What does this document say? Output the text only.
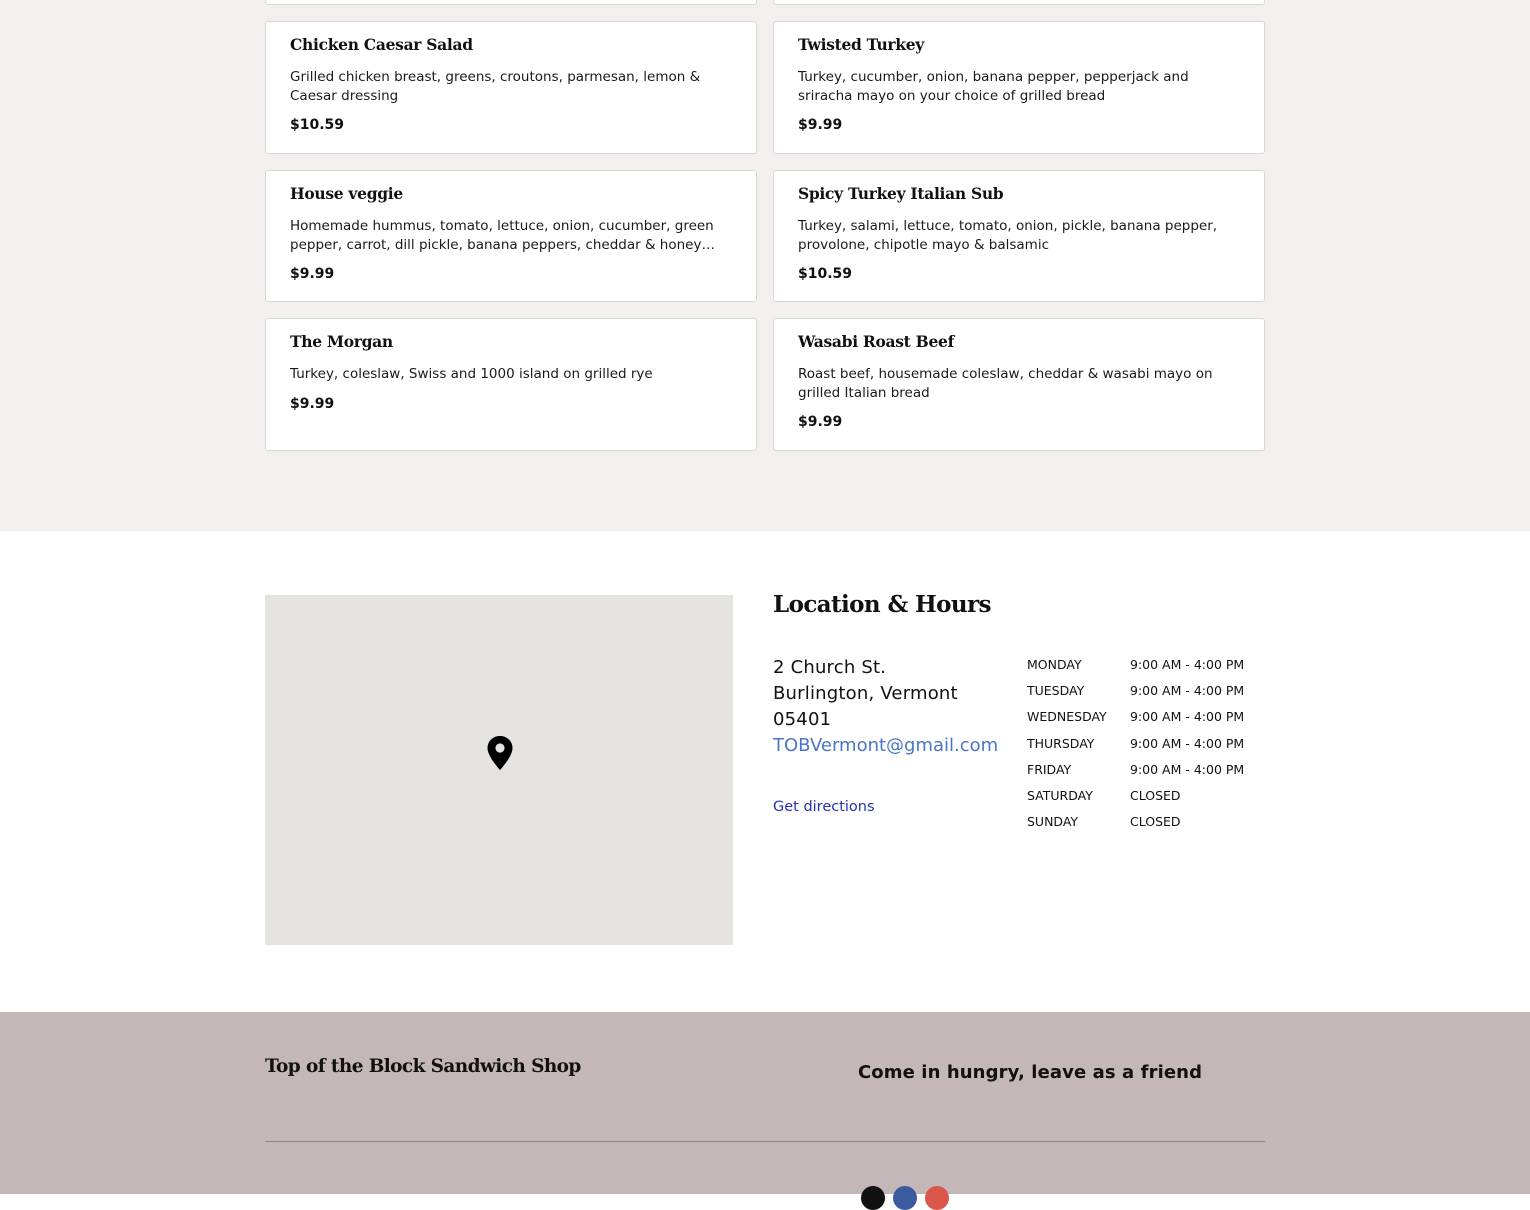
Chicken Caesar Salad
Grilled chicken breast, greens, croutons, parmesan, lemon & Caesar dressing
$10.59
Twisted Turkey
Turkey, cucumber, onion, banana pepper, pepperjack and sriracha mayo on your choice of grilled bread
$9.99
House veggie
Homemade hummus, tomato, lettuce, onion, cucumber, green pepper, carrot, dill pickle, banana peppers, cheddar & honey…
$9.99
Spicy Turkey Italian Sub
Turkey, salami, lettuce, tomato, onion, pickle, banana pepper, provolone, chipotle mayo & balsamic
$10.59
The Morgan
Turkey, coleslaw, Swiss and 1000 island on grilled rye
$9.99
Wasabi Roast Beef
Roast beef, housemade coleslaw, cheddar & wasabi mayo on grilled Italian bread
$9.99
Location & Hours
2 Church St.
Burlington, Vermont
05401
TOBVermont@gmail.com
Get directions
MONDAY	9:00 AM - 4:00 PM
TUESDAY	9:00 AM - 4:00 PM
WEDNESDAY 9:00 AM - 4:00 PM
THURSDAY	9:00 AM - 4:00 PM
FRIDAY	9:00 AM - 4:00 PM
SATURDAY	CLOSED
SUNDAY	CLOSED
Top of the Block Sandwich Shop	Come in hungry, leave as a friend
